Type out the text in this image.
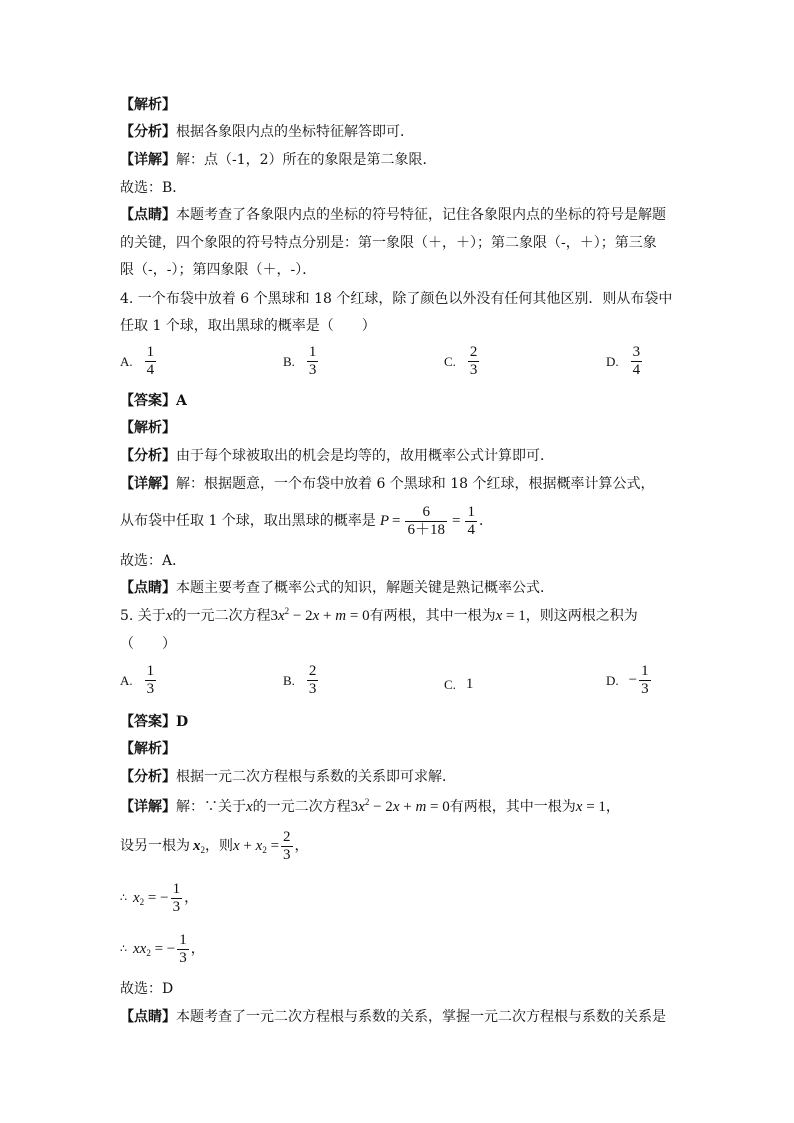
【解析】
【分析】根据各象限内点的坐标特征解答即可．
【详解】解：点（-1，2）所在的象限是第二象限．
故选：B．
【点睛】本题考查了各象限内点的坐标的符号特征，记住各象限内点的坐标的符号是解题
的关键，四个象限的符号特点分别是：第一象限（＋，＋）；第二象限（-，＋）；第三象
限（-，-）；第四象限（＋，-）．
4. 一个布袋中放着 6 个黑球和 18 个红球，除了颜色以外没有任何其他区别．则从布袋中
任取 1 个球，取出黑球的概率是（　　）
A. $\frac{1}{4}$	B. $\frac{1}{3}$	C. $\frac{2}{3}$	D. $\frac{3}{4}$
【答案】A
【解析】
【分析】由于每个球被取出的机会是均等的，故用概率公式计算即可．
【详解】解：根据题意，一个布袋中放着 6 个黑球和 18 个红球，根据概率计算公式，
从布袋中任取 1 个球，取出黑球的概率是 $P = \frac{6}{6+18} = \frac{1}{4}$ ．
故选：A．
【点睛】本题主要考查了概率公式的知识，解题关键是熟记概率公式．
5. 关于x的一元二次方程$3x^2 - 2x + m = 0$有两根，其中一根为x = 1，则这两根之积为
（　　）
A. $\frac{1}{3}$	B. $\frac{2}{3}$	C. 1	D. − $\frac{1}{3}$
【答案】D
【解析】
【分析】根据一元二次方程根与系数的关系即可求解．
【详解】解：∵关于x的一元二次方程$3x^2 - 2x + m = 0$有两根，其中一根为x = 1，
设另一根为 $x_2$ ，则 $x + x_2 = \frac{2}{3}$ ，
∴ $x_2$ = − $\frac{1}{3}$ ，
∴ $xx_2$ = − $\frac{1}{3}$ ，
故选：D
【点睛】本题考查了一元二次方程根与系数的关系，掌握一元二次方程根与系数的关系是
